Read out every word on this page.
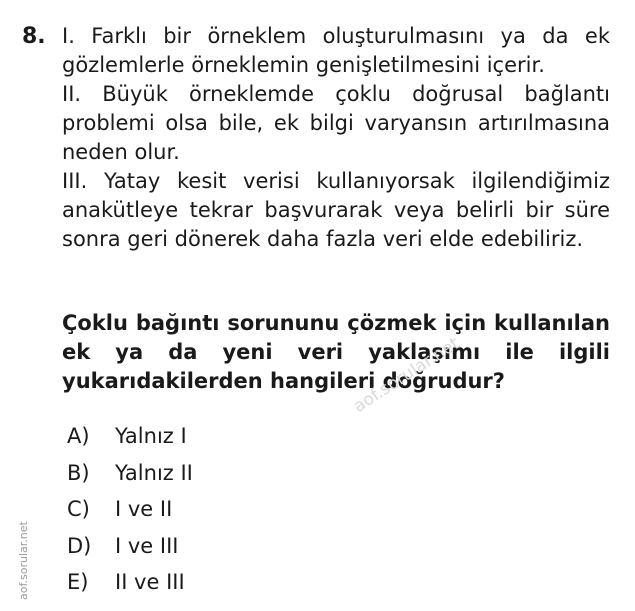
8. I. Farklı bir örneklem oluşturulmasını ya da ek gözlemlerle örneklemin genişletilmesini içerir.

II. Büyük örneklemde çoklu doğrusal bağlantı problemi olsa bile, ek bilgi varyansın artırılmasına neden olur.

III. Yatay kesit verisi kullanıyorsak ilgilendiğimiz anakütleye tekrar başvurarak veya belirli bir süre sonra geri dönerek daha fazla veri elde edebiliriz.

Çoklu bağıntı sorununu çözmek için kullanılan ek ya da yeni veri yaklaşımı ile ilgili yukarıdakilerden hangileri doğrudur?

A)	Yalnız I
B)	Yalnız II
C)	I ve II
D)	I ve III
E)	II ve III
aof.sorular.net
aof.sorular.net
